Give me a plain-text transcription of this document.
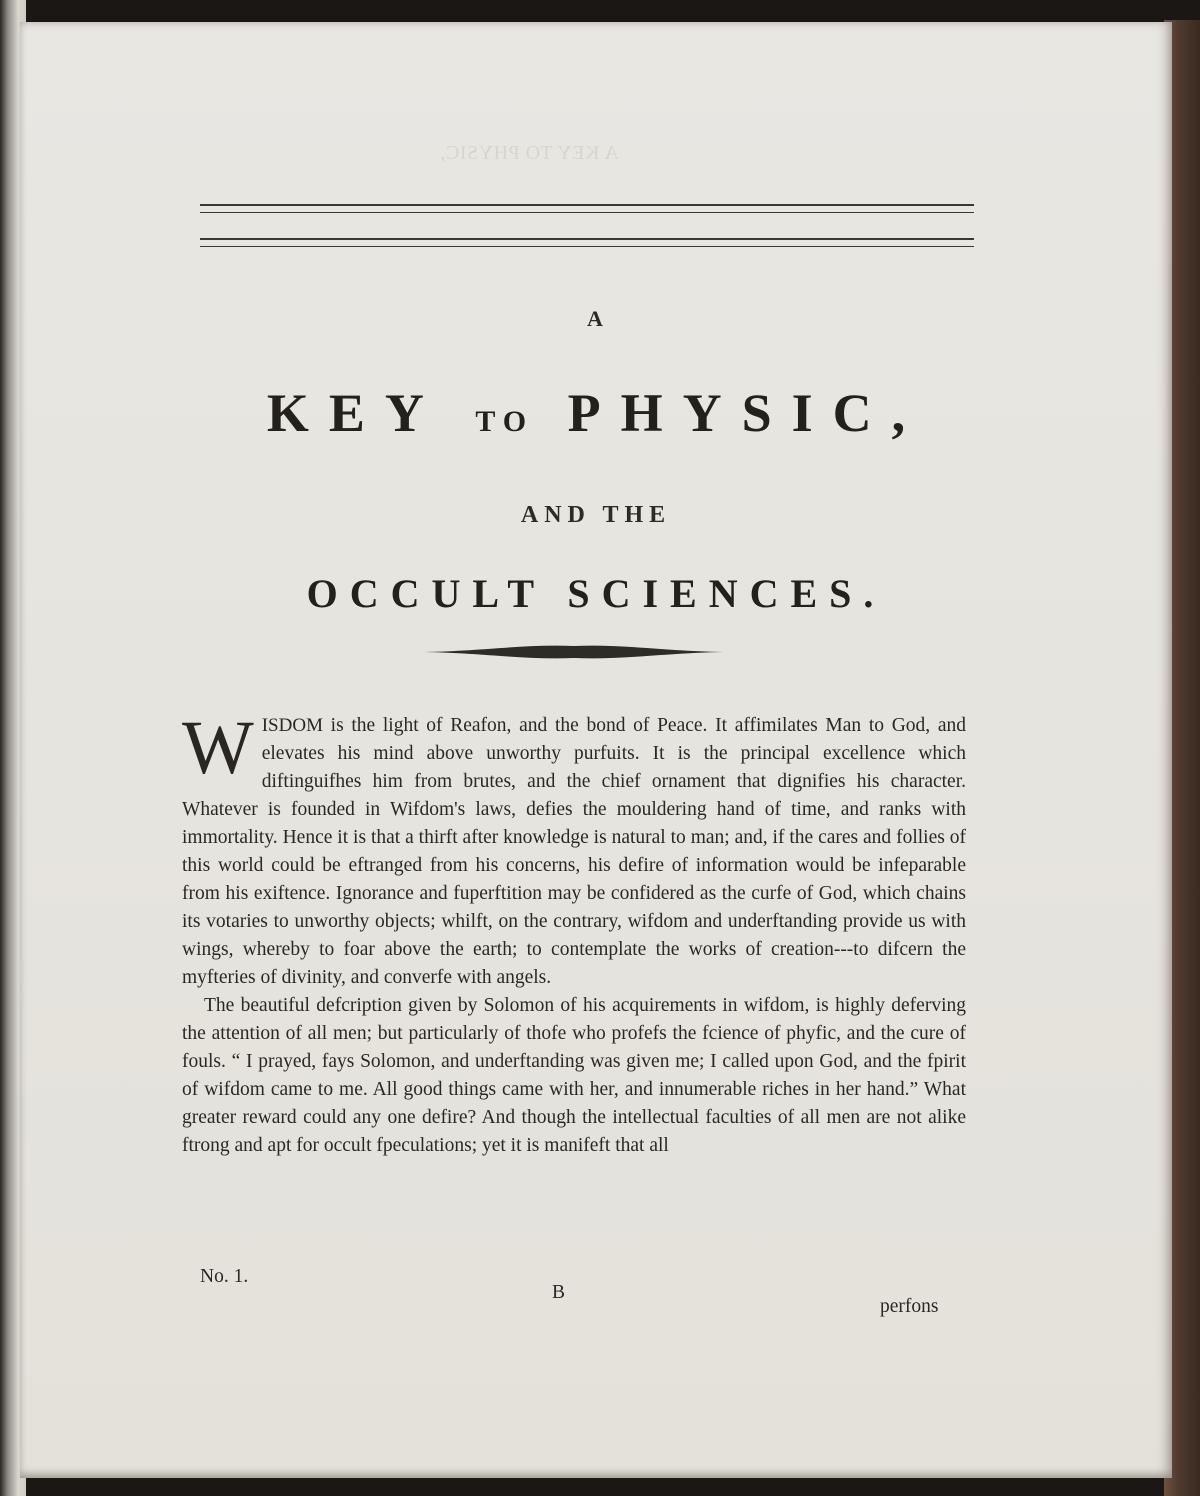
A KEY TO PHYSIC,
A
KEY TO PHYSIC,
AND THE
OCCULT SCIENCES.

WISDOM is the light of Reafon, and the bond of Peace. It affimilates Man to God, and elevates his mind above unworthy purfuits. It is the principal excellence which diftinguifhes him from brutes, and the chief ornament that dignifies his character. Whatever is founded in Wifdom's laws, defies the mouldering hand of time, and ranks with immortality. Hence it is that a thirft after knowledge is natural to man; and, if the cares and follies of this world could be eftranged from his concerns, his defire of information would be infeparable from his exiftence. Ignorance and fuperftition may be confidered as the curfe of God, which chains its votaries to unworthy objects; whilft, on the contrary, wifdom and underftanding provide us with wings, whereby to foar above the earth; to contemplate the works of creation---to difcern the myfteries of divinity, and converfe with angels.

The beautiful defcription given by Solomon of his acquirements in wifdom, is highly deferving the attention of all men; but particularly of thofe who profefs the fcience of phyfic, and the cure of fouls. “ I prayed, fays Solomon, and underftanding was given me; I called upon God, and the fpirit of wifdom came to me. All good things came with her, and innumerable riches in her hand.” What greater reward could any one defire? And though the intellectual faculties of all men are not alike ftrong and apt for occult fpeculations; yet it is manifeft that all

No. 1.
B
perfons
